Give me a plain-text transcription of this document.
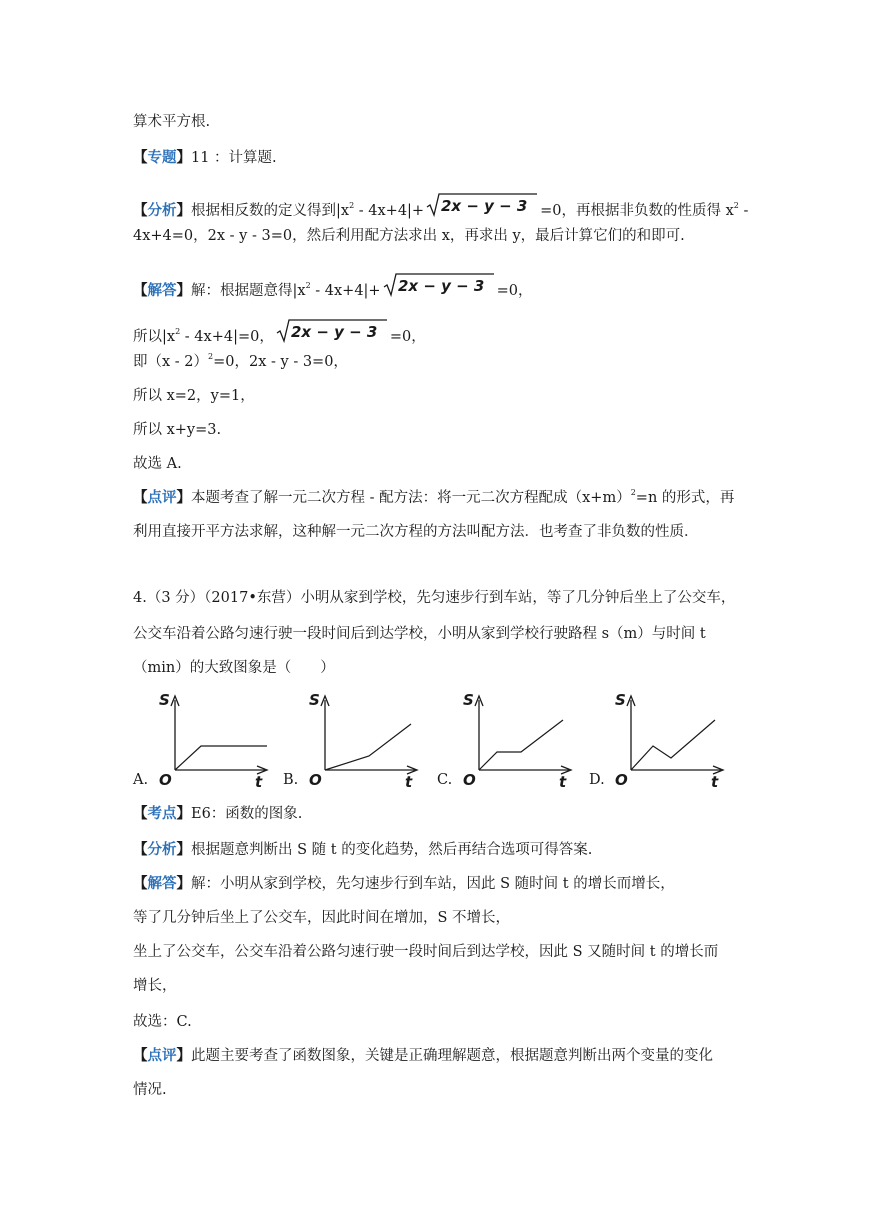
算术平方根.
【专题】11 ：计算题.
【分析】根据相反数的定义得到$|x^2 - 4x+4|+ 2x - y - 3 =0$，再根据非负数的性质得 $x^2$ -
4x+4=0，2x - y - 3=0，然后利用配方法求出 x，再求出 y，最后计算它们的和即可.
【解答】解：根据题意得$|x^2 - 4x+4|+ 2x - y - 3 =0$，
所以$|x^2 - 4x+4|=0$， 2x − y − 3 =0，
即（x - 2）$^2$=0，2x - y - 3=0，
所以 x=2，y=1，
所以 x+y=3.
故选 A.
【点评】本题考查了解一元二次方程 - 配方法：将一元二次方程配成$(x+m)^2=n$ 的形式，再
利用直接开平方法求解，这种解一元二次方程的方法叫配方法．也考查了非负数的性质．
4.（3 分）（2017•东营）小明从家到学校，先匀速步行到车站，等了几分钟后坐上了公交车，
公交车沿着公路匀速行驶一段时间后到达学校，小明从家到学校行驶路程 s（m）与时间 t
（min）的大致图象是（　　）
A.
S
O	t B.
S
O	t C.
S
O	t D.
S
O	t
【考点】E6：函数的图象.
【分析】根据题意判断出 S 随 t 的变化趋势，然后再结合选项可得答案.
【解答】解：小明从家到学校，先匀速步行到车站，因此 S 随时间 t 的增长而增长，
等了几分钟后坐上了公交车，因此时间在增加，S 不增长，
坐上了公交车，公交车沿着公路匀速行驶一段时间后到达学校，因此 S 又随时间 t 的增长而
增长，
故选：C.
【点评】此题主要考查了函数图象，关键是正确理解题意，根据题意判断出两个变量的变化
情况.
